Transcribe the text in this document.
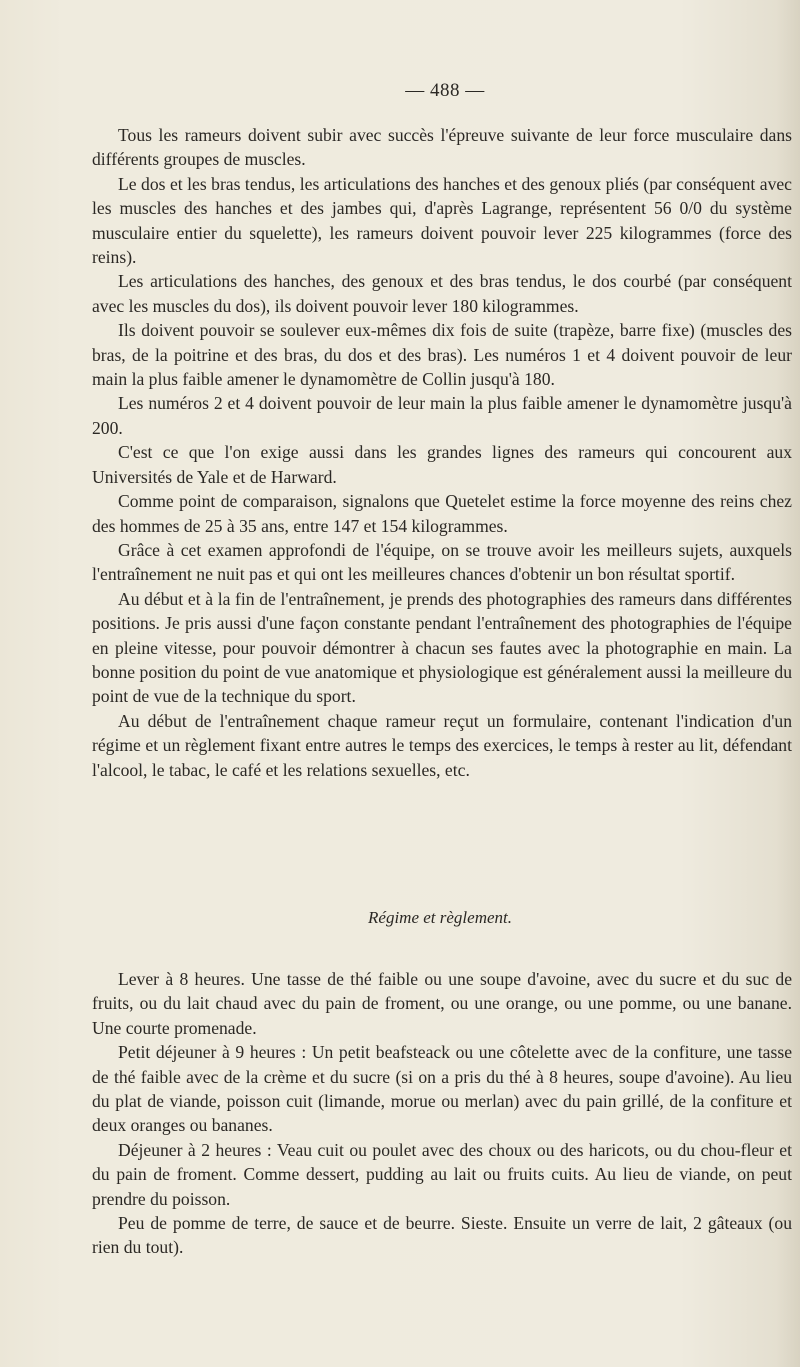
— 488 —

Tous les rameurs doivent subir avec succès l'épreuve suivante de leur force musculaire dans différents groupes de muscles.

Le dos et les bras tendus, les articulations des hanches et des genoux pliés (par conséquent avec les muscles des hanches et des jambes qui, d'après Lagrange, représentent 56 0/0 du système musculaire entier du squelette), les rameurs doivent pouvoir lever 225 kilogrammes (force des reins).

Les articulations des hanches, des genoux et des bras tendus, le dos courbé (par conséquent avec les muscles du dos), ils doivent pouvoir lever 180 kilogrammes.

Ils doivent pouvoir se soulever eux-mêmes dix fois de suite (trapèze, barre fixe) (muscles des bras, de la poitrine et des bras, du dos et des bras). Les numéros 1 et 4 doivent pouvoir de leur main la plus faible amener le dynamomètre de Collin jusqu'à 180.

Les numéros 2 et 4 doivent pouvoir de leur main la plus faible amener le dynamomètre jusqu'à 200.

C'est ce que l'on exige aussi dans les grandes lignes des rameurs qui concourent aux Universités de Yale et de Harward.

Comme point de comparaison, signalons que Quetelet estime la force moyenne des reins chez des hommes de 25 à 35 ans, entre 147 et 154 kilogrammes.

Grâce à cet examen approfondi de l'équipe, on se trouve avoir les meilleurs sujets, auxquels l'entraînement ne nuit pas et qui ont les meilleures chances d'obtenir un bon résultat sportif.

Au début et à la fin de l'entraînement, je prends des photographies des rameurs dans différentes positions. Je pris aussi d'une façon constante pendant l'entraînement des photographies de l'équipe en pleine vitesse, pour pouvoir démontrer à chacun ses fautes avec la photographie en main. La bonne position du point de vue anatomique et physiologique est généralement aussi la meilleure du point de vue de la technique du sport.

Au début de l'entraînement chaque rameur reçut un formulaire, contenant l'indication d'un régime et un règlement fixant entre autres le temps des exercices, le temps à rester au lit, défendant l'alcool, le tabac, le café et les relations sexuelles, etc.

Régime et règlement.

Lever à 8 heures. Une tasse de thé faible ou une soupe d'avoine, avec du sucre et du suc de fruits, ou du lait chaud avec du pain de froment, ou une orange, ou une pomme, ou une banane. Une courte promenade.

Petit déjeuner à 9 heures : Un petit beafsteack ou une côtelette avec de la confiture, une tasse de thé faible avec de la crème et du sucre (si on a pris du thé à 8 heures, soupe d'avoine). Au lieu du plat de viande, poisson cuit (limande, morue ou merlan) avec du pain grillé, de la confiture et deux oranges ou bananes.

Déjeuner à 2 heures : Veau cuit ou poulet avec des choux ou des haricots, ou du chou-fleur et du pain de froment. Comme dessert, pudding au lait ou fruits cuits. Au lieu de viande, on peut prendre du poisson.

Peu de pomme de terre, de sauce et de beurre. Sieste. Ensuite un verre de lait, 2 gâteaux (ou rien du tout).
